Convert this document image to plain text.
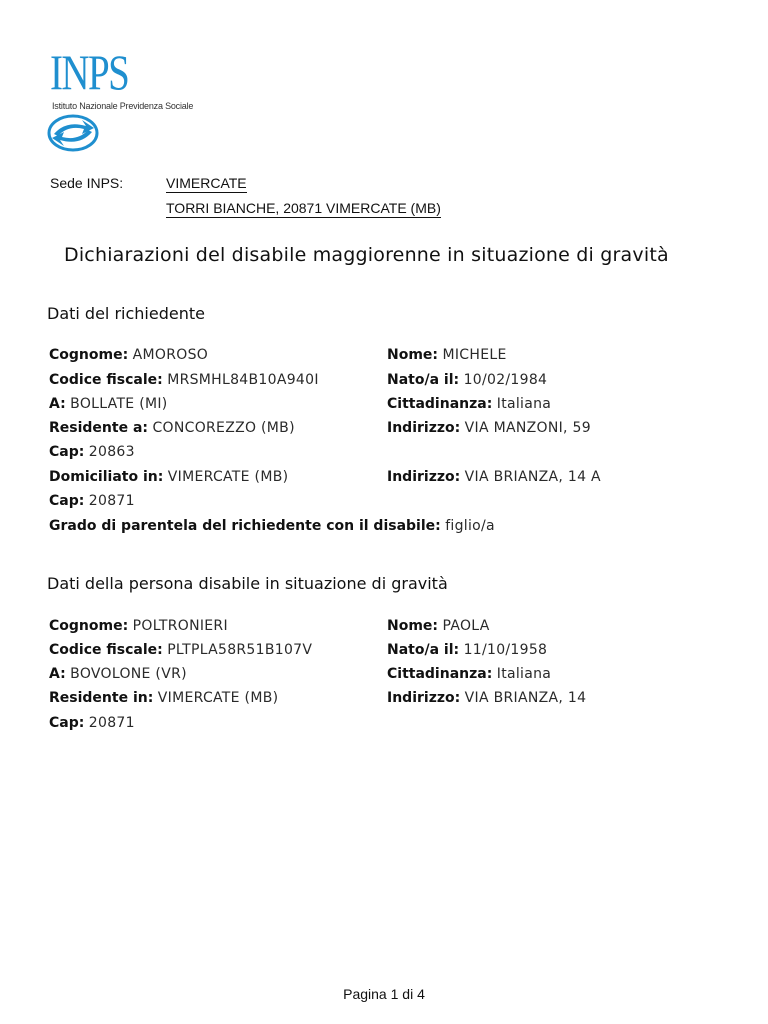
INPS
Istituto Nazionale Previdenza Sociale
Sede INPS:	VIMERCATE
TORRI BIANCHE, 20871 VIMERCATE (MB)
Dichiarazioni del disabile maggiorenne in situazione di gravità
Dati del richiedente
Cognome: AMOROSO	Nome: MICHELE
Codice fiscale: MRSMHL84B10A940I	Nato/a il: 10/02/1984
A: BOLLATE (MI)	Cittadinanza: Italiana
Residente a: CONCOREZZO (MB)	Indirizzo: VIA MANZONI, 59
Cap: 20863
Domiciliato in: VIMERCATE (MB)	Indirizzo: VIA BRIANZA, 14 A
Cap: 20871
Grado di parentela del richiedente con il disabile: figlio/a
Dati della persona disabile in situazione di gravità
Cognome: POLTRONIERI	Nome: PAOLA
Codice fiscale: PLTPLA58R51B107V	Nato/a il: 11/10/1958
A: BOVOLONE (VR)	Cittadinanza: Italiana
Residente in: VIMERCATE (MB)	Indirizzo: VIA BRIANZA, 14
Cap: 20871
Pagina 1 di 4
